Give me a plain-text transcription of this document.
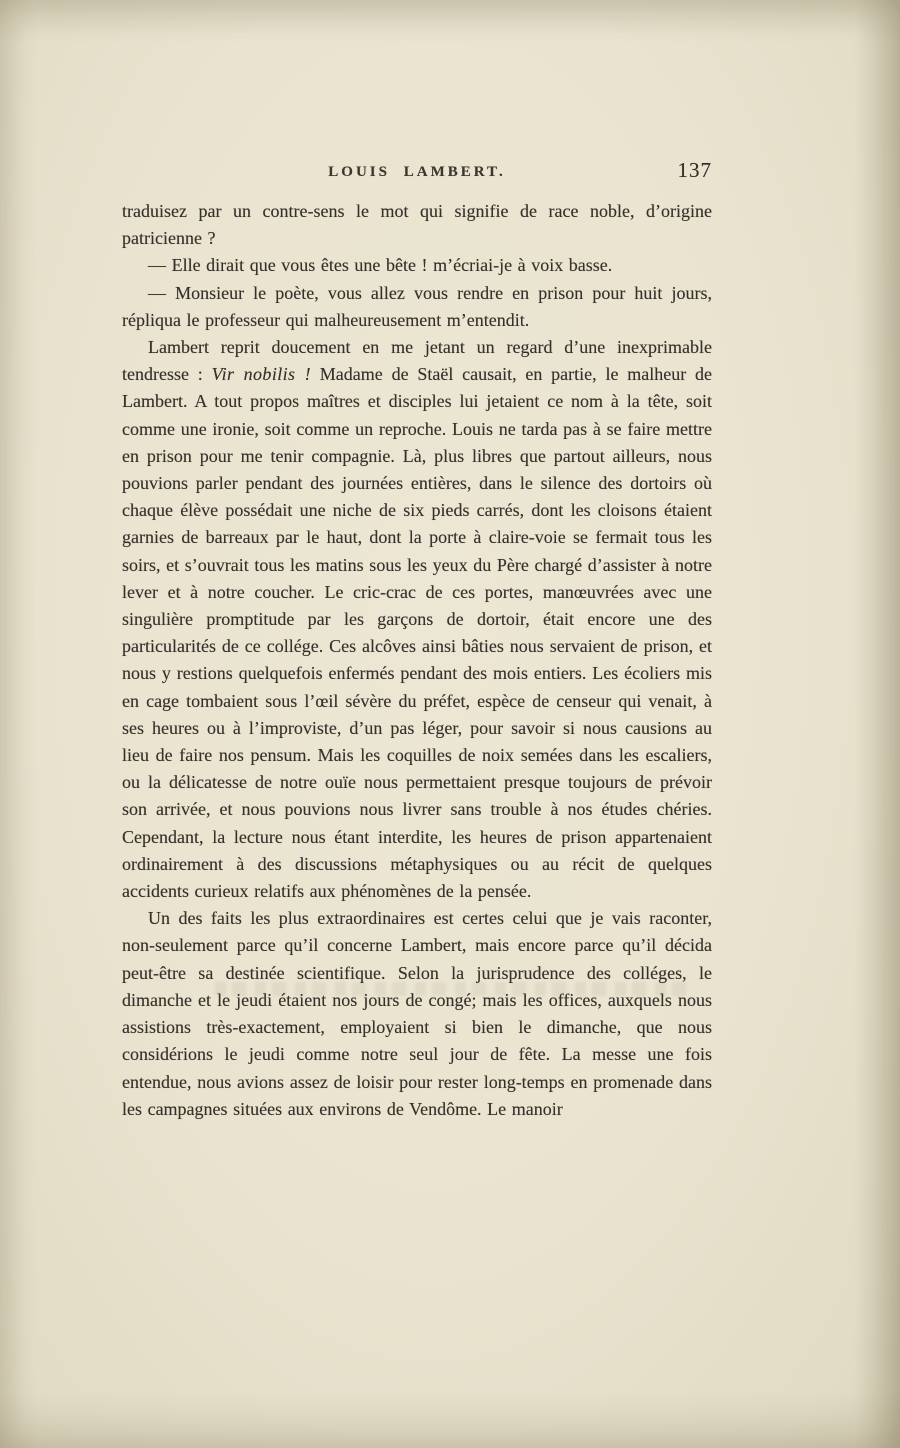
LOUIS LAMBERT.	137

traduisez par un contre-sens le mot qui signifie de race noble, d’origine patricienne ?

— Elle dirait que vous êtes une bête ! m’écriai-je à voix basse.

— Monsieur le poète, vous allez vous rendre en prison pour huit jours, répliqua le professeur qui malheureusement m’entendit.

Lambert reprit doucement en me jetant un regard d’une inexprimable tendresse : Vir nobilis ! Madame de Staël causait, en partie, le malheur de Lambert. A tout propos maîtres et disciples lui jetaient ce nom à la tête, soit comme une ironie, soit comme un reproche. Louis ne tarda pas à se faire mettre en prison pour me tenir compagnie. Là, plus libres que partout ailleurs, nous pouvions parler pendant des journées entières, dans le silence des dortoirs où chaque élève possédait une niche de six pieds carrés, dont les cloisons étaient garnies de barreaux par le haut, dont la porte à claire-voie se fermait tous les soirs, et s’ouvrait tous les matins sous les yeux du Père chargé d’assister à notre lever et à notre coucher. Le cric-crac de ces portes, manœuvrées avec une singulière promptitude par les garçons de dortoir, était encore une des particularités de ce collége. Ces alcôves ainsi bâties nous servaient de prison, et nous y restions quelquefois enfermés pendant des mois entiers. Les écoliers mis en cage tombaient sous l’œil sévère du préfet, espèce de censeur qui venait, à ses heures ou à l’improviste, d’un pas léger, pour savoir si nous causions au lieu de faire nos pensum. Mais les coquilles de noix semées dans les escaliers, ou la délicatesse de notre ouïe nous permettaient presque toujours de prévoir son arrivée, et nous pouvions nous livrer sans trouble à nos études chéries. Cependant, la lecture nous étant interdite, les heures de prison appartenaient ordinairement à des discussions métaphysiques ou au récit de quelques accidents curieux relatifs aux phénomènes de la pensée.

Un des faits les plus extraordinaires est certes celui que je vais raconter, non-seulement parce qu’il concerne Lambert, mais encore parce qu’il décida peut-être sa destinée scientifique. Selon la jurisprudence des colléges, le dimanche et le jeudi étaient nos jours de congé; mais les offices, auxquels nous assistions très-exactement, employaient si bien le dimanche, que nous considérions le jeudi comme notre seul jour de fête. La messe une fois entendue, nous avions assez de loisir pour rester long-temps en promenade dans les campagnes situées aux environs de Vendôme. Le manoir
